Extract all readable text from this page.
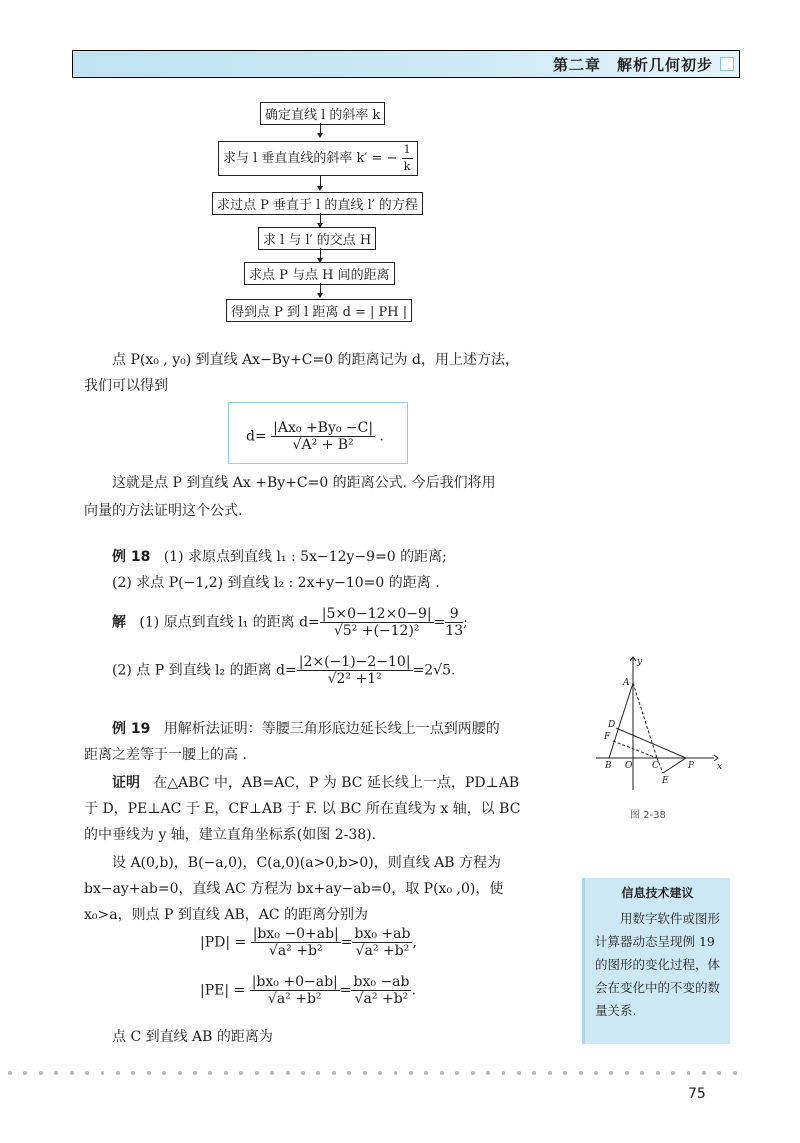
第二章　解析几何初步
确定直线 l 的斜率 k
求与 l 垂直直线的斜率 k′ = − $\frac{1}{k}$
求过点 P 垂直于 l 的直线 l′ 的方程
求 l 与 l′ 的交点 H
求点 P 与点 H 间的距离
得到点 P 到 l 距离 d = | PH |
点 P(x₀ , y₀) 到直线 Ax−By+C=0 的距离记为 d，用上述方法，
我们可以得到
$d= \frac{\text{|Ax₀ +By₀ −C|}}{\text{√A² + B²}}$ .
这就是点 P 到直线 Ax +By+C=0 的距离公式. 今后我们将用
向量的方法证明这个公式.
例 18 (1) 求原点到直线 l₁ : 5x−12y−9=0 的距离;
(2) 求点 P(−1,2) 到直线 l₂ : 2x+y−10=0 的距离 .
解 (1) 原点到直线 l₁ 的距离 $d= \frac{|5\times 0-12\times 0-9|}{\text{√5² +(−12)²}} = \frac{9}{13}$ ;
(2) 点 P 到直线 l₂ 的距离 $d= \frac{|2\times(-1)-2-10|}{\text{√2² +1²}} =2√5$.
例 19 用解析法证明：等腰三角形底边延长线上一点到两腰的
距离之差等于一腰上的高 .
证明 在△ABC 中，AB=AC，P 为 BC 延长线上一点，PD⊥AB
于 D，PE⊥AC 于 E，CF⊥AB 于 F. 以 BC 所在直线为 x 轴，以 BC
的中垂线为 y 轴，建立直角坐标系(如图 2-38).
设 A(0,b)，B(−a,0)，C(a,0)(a>0,b>0)，则直线 AB 方程为
bx−ay+ab=0，直线 AC 方程为 bx+ay−ab=0，取 P(x₀ ,0)，使
x₀>a，则点 P 到直线 AB，AC 的距离分别为
$|PD| = \frac{\text{|bx₀ −0+ab|}}{\text{√a² +b²}} = \frac{\text{bx₀ +ab}}{\text{√a² +b²}}$ ,
$|PE| = \frac{\text{|bx₀ +0−ab|}}{\text{√a² +b²}} = \frac{\text{bx₀ −ab}}{\text{√a² +b²}}$ .
点 C 到直线 AB 的距离为
y
x
A
D
F
B O C	P
E
图 2-38
信息技术建议
用数字软件或图形计算器动态呈现例 19 的图形的变化过程，体会在变化中的不变的数量关系.
75
